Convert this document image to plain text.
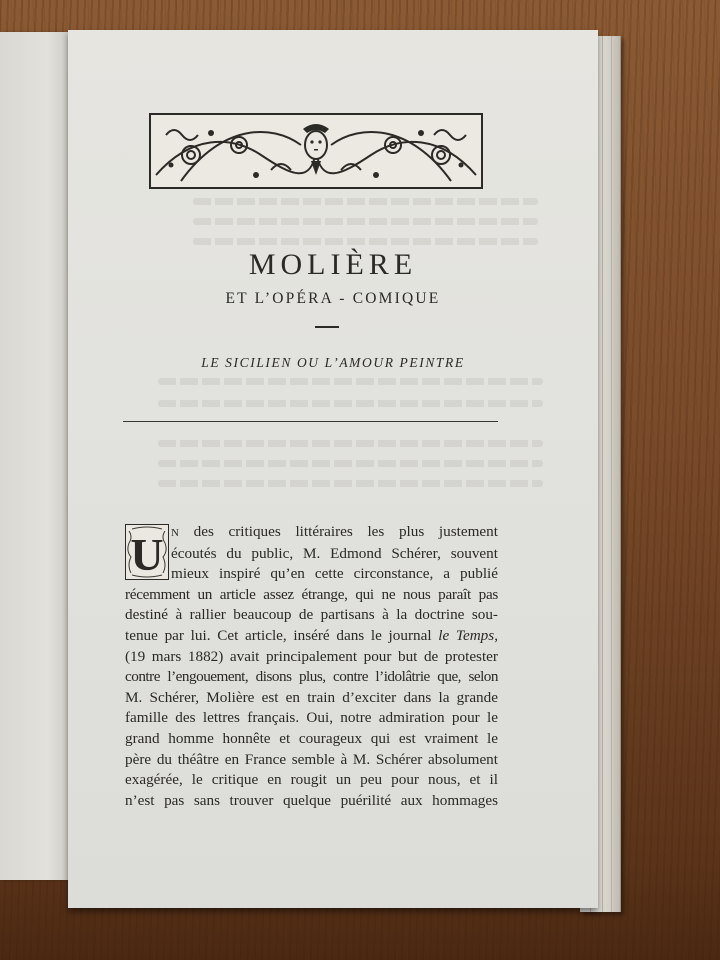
MOLIÈRE
ET L’OPÉRA - COMIQUE
LE SICILIEN OU L’AMOUR PEINTRE
U N des critiques littéraires les plus justement
écoutés du public, M. Edmond Schérer, souvent
mieux inspiré qu’en cette circonstance, a publié
récemment un article assez étrange, qui ne nous paraît pas
destiné à rallier beaucoup de partisans à la doctrine sou-
tenue par lui. Cet article, inséré dans le journal le Temps,
(19 mars 1882) avait principalement pour but de protester
contre l’engouement, disons plus, contre l’idolâtrie que, selon
M. Schérer, Molière est en train d’exciter dans la grande
famille des lettres français. Oui, notre admiration pour le
grand homme honnête et courageux qui est vraiment le
père du théâtre en France semble à M. Schérer absolument
exagérée, le critique en rougit un peu pour nous, et il
n’est pas sans trouver quelque puérilité aux hommages
